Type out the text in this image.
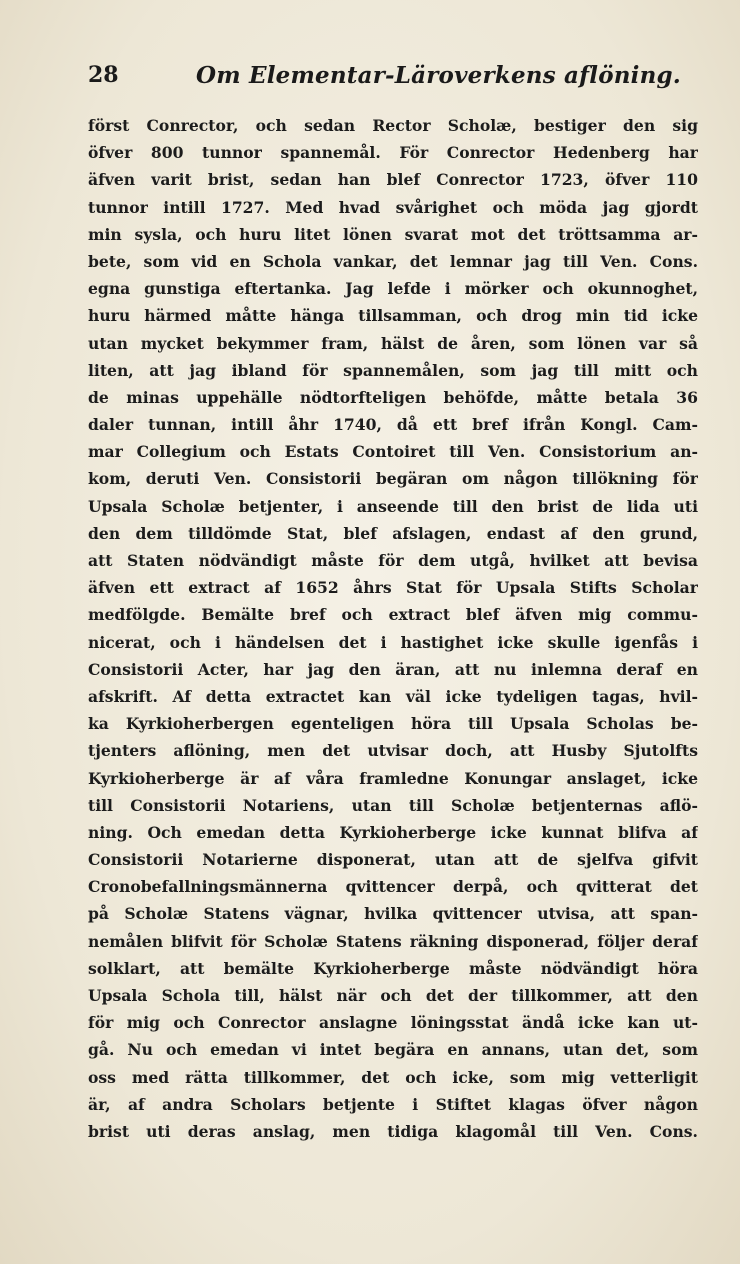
28	Om Elementar-Läroverkens aflöning.
först Conrector, och sedan Rector Scholæ, bestiger den sig
öfver 800 tunnor spannemål. För Conrector Hedenberg har
äfven varit brist, sedan han blef Conrector 1723, öfver 110
tunnor intill 1727. Med hvad svårighet och möda jag gjordt
min sysla, och huru litet lönen svarat mot det tröttsamma ar-
bete, som vid en Schola vankar, det lemnar jag till Ven. Cons.
egna gunstiga eftertanka. Jag lefde i mörker och okunnoghet,
huru härmed måtte hänga tillsamman, och drog min tid icke
utan mycket bekymmer fram, hälst de åren, som lönen var så
liten, att jag ibland för spannemålen, som jag till mitt och
de minas uppehälle nödtorfteligen behöfde, måtte betala 36
daler tunnan, intill åhr 1740, då ett bref ifrån Kongl. Cam-
mar Collegium och Estats Contoiret till Ven. Consistorium an-
kom, deruti Ven. Consistorii begäran om någon tillökning för
Upsala Scholæ betjenter, i anseende till den brist de lida uti
den dem tilldömde Stat, blef afslagen, endast af den grund,
att Staten nödvändigt måste för dem utgå, hvilket att bevisa
äfven ett extract af 1652 åhrs Stat för Upsala Stifts Scholar
medfölgde. Bemälte bref och extract blef äfven mig commu-
nicerat, och i händelsen det i hastighet icke skulle igenfås i
Consistorii Acter, har jag den äran, att nu inlemna deraf en
afskrift. Af detta extractet kan väl icke tydeligen tagas, hvil-
ka Kyrkioherbergen egenteligen höra till Upsala Scholas be-
tjenters aflöning, men det utvisar doch, att Husby Sjutolfts
Kyrkioherberge är af våra framledne Konungar anslaget, icke
till Consistorii Notariens, utan till Scholæ betjenternas aflö-
ning. Och emedan detta Kyrkioherberge icke kunnat blifva af
Consistorii Notarierne disponerat, utan att de sjelfva gifvit
Cronobefallningsmännerna qvittencer derpå, och qvitterat det
på Scholæ Statens vägnar, hvilka qvittencer utvisa, att span-
nemålen blifvit för Scholæ Statens räkning disponerad, följer deraf
solklart, att bemälte Kyrkioherberge måste nödvändigt höra
Upsala Schola till, hälst när och det der tillkommer, att den
för mig och Conrector anslagne löningsstat ändå icke kan ut-
gå. Nu och emedan vi intet begära en annans, utan det, som
oss med rätta tillkommer, det och icke, som mig vetterligit
är, af andra Scholars betjente i Stiftet klagas öfver någon
brist uti deras anslag, men tidiga klagomål till Ven. Cons.
